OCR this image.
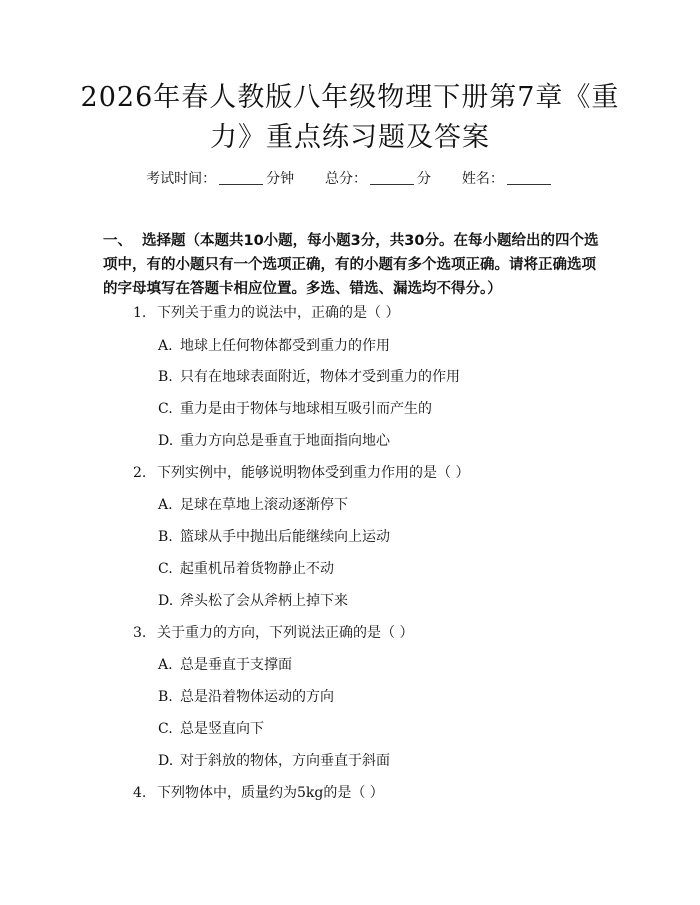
2026年春人教版八年级物理下册第7章《重力》重点练习题及答案
考试时间：	分钟 总分：	分 姓名：
一、 选择题（本题共10小题，每小题3分，共30分。在每小题给出的四个选项中，有的小题只有一个选项正确，有的小题有多个选项正确。请将正确选项的字母填写在答题卡相应位置。多选、错选、漏选均不得分。）
1. 下列关于重力的说法中，正确的是（ ）
A. 地球上任何物体都受到重力的作用
B. 只有在地球表面附近，物体才受到重力的作用
C. 重力是由于物体与地球相互吸引而产生的
D. 重力方向总是垂直于地面指向地心
2. 下列实例中，能够说明物体受到重力作用的是（ ）
A. 足球在草地上滚动逐渐停下
B. 篮球从手中抛出后能继续向上运动
C. 起重机吊着货物静止不动
D. 斧头松了会从斧柄上掉下来
3. 关于重力的方向，下列说法正确的是（ ）
A. 总是垂直于支撑面
B. 总是沿着物体运动的方向
C. 总是竖直向下
D. 对于斜放的物体，方向垂直于斜面
4. 下列物体中，质量约为5kg的是（ ）
